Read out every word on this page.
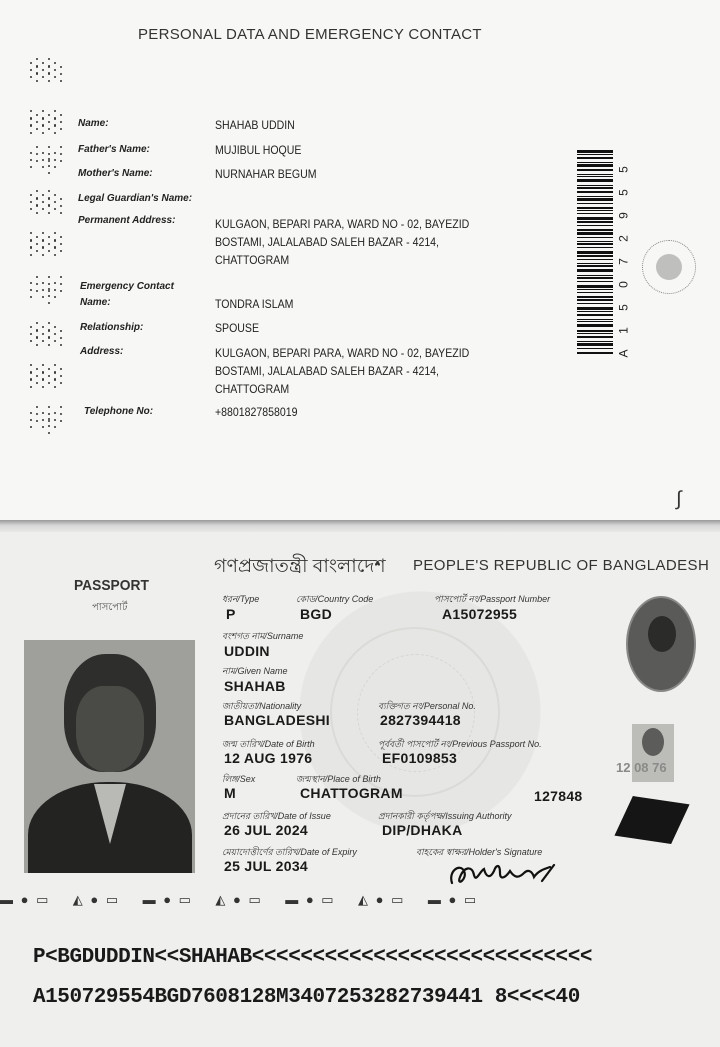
PERSONAL DATA AND EMERGENCY CONTACT
Name:	SHAHAB UDDIN
Father's Name:	MUJIBUL HOQUE
Mother's Name:	NURNAHAR BEGUM
Legal Guardian's Name:
Permanent Address:	KULGAON, BEPARI PARA, WARD NO - 02, BAYEZID
BOSTAMI, JALALABAD SALEH BAZAR - 4214,
CHATTOGRAM
Emergency Contact
Name:	TONDRA ISLAM
Relationship:	SPOUSE
Address:	KULGAON, BEPARI PARA, WARD NO - 02, BAYEZID
BOSTAMI, JALALABAD SALEH BAZAR - 4214,
CHATTOGRAM
Telephone No:	+8801827858019
5
5
9
2
7
0
5
1
A
∫
গণপ্রজাতন্ত্রী বাংলাদেশ PEOPLE'S REPUBLIC OF BANGLADESH
PASSPORT
পাসপোর্ট
ধরন/Type
P
কোড/Country Code
BGD
পাসপোর্ট নং/Passport Number
A15072955
বংশগত নাম/Surname
UDDIN
নাম/Given Name
SHAHAB
জাতীয়তা/Nationality
BANGLADESHI
ব্যক্তিগত নং/Personal No.
2827394418
জন্ম তারিখ/Date of Birth
12 AUG 1976
পূর্ববর্তী পাসপোর্ট নং/Previous Passport No.
EF0109853
লিঙ্গ/Sex
M
জন্মস্থান/Place of Birth
CHATTOGRAM	127848
প্রদানের তারিখ/Date of Issue
26 JUL 2024
প্রদানকারী কর্তৃপক্ষ/Issuing Authority
DIP/DHAKA
মেয়াদোত্তীর্ণের তারিখ/Date of Expiry
25 JUL 2034
বাহকের স্বাক্ষর/Holder's Signature
12 08 76
▬ ● ▭    ◭ ● ▭    ▬ ● ▭    ◭ ● ▭    ▬ ● ▭    ◭ ● ▭    ▬ ● ▭
P<BGDUDDIN<<SHAHAB<<<<<<<<<<<<<<<<<<<<<<<<<<<<
A150729554BGD7608128M3407253282739441 8<<<<40
